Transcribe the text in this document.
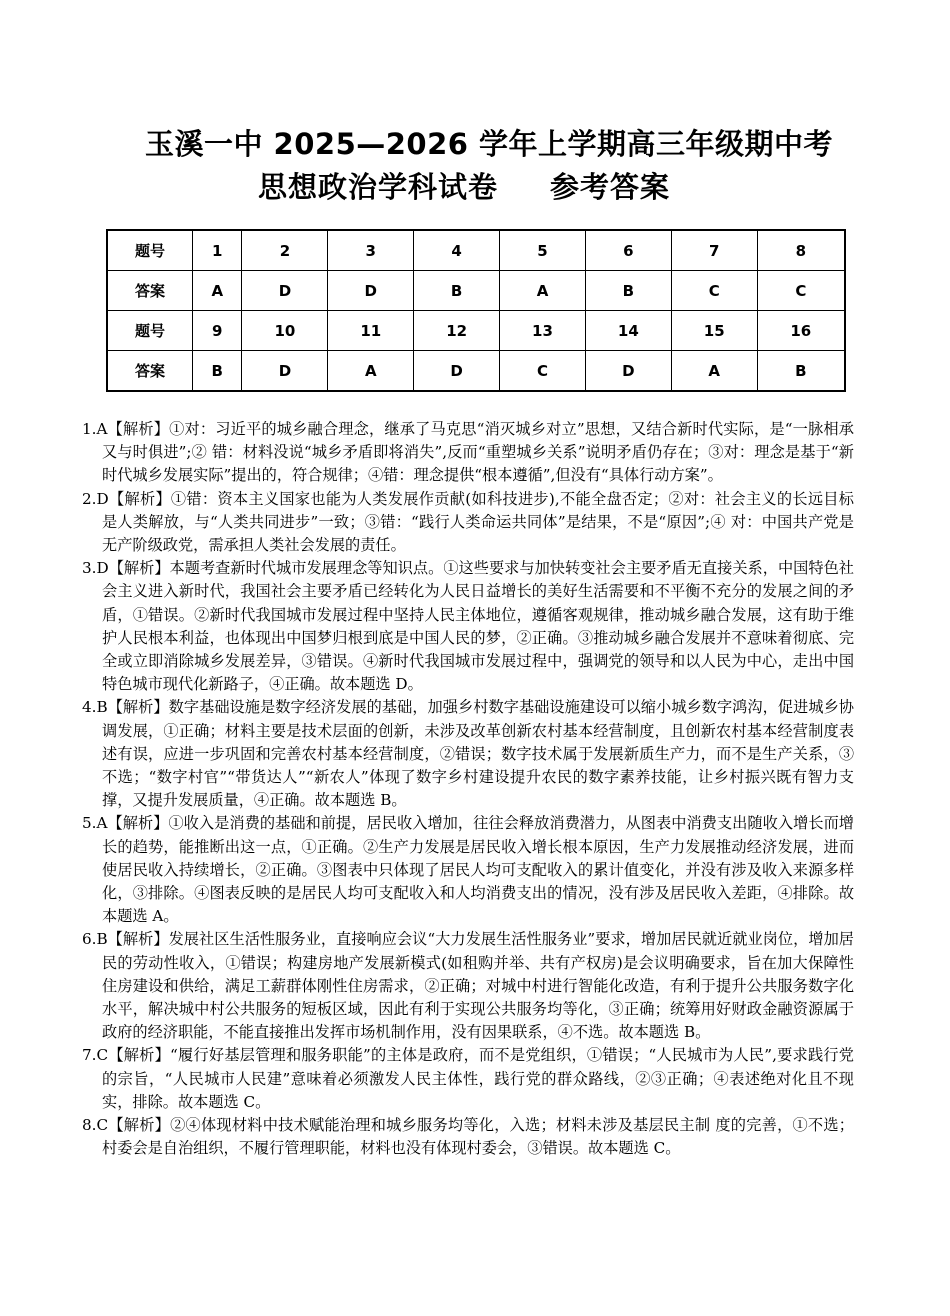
玉溪一中 2025—2026 学年上学期高三年级期中考
思想政治学科试卷 参考答案
题号	1	2	3	4	5	6	7	8
答案	A	D	D	B	A	B	C	C
题号	9	10	11	12	13	14	15	16
答案	B	D	A	D	C	D	A	B

1.A【解析】①对：习近平的城乡融合理念，继承了马克思“消灭城乡对立”思想，又结合新时代实际，是“一脉相承又与时俱进”;② 错：材料没说“城乡矛盾即将消失”,反而“重塑城乡关系”说明矛盾仍存在；③对：理念是基于“新时代城乡发展实际”提出的，符合规律；④错：理念提供“根本遵循”,但没有“具体行动方案”。

2.D【解析】①错：资本主义国家也能为人类发展作贡献(如科技进步),不能全盘否定；②对：社会主义的长远目标是人类解放，与“人类共同进步”一致；③错：“践行人类命运共同体”是结果，不是“原因”;④ 对：中国共产党是无产阶级政党，需承担人类社会发展的责任。

3.D【解析】本题考查新时代城市发展理念等知识点。①这些要求与加快转变社会主要矛盾无直接关系，中国特色社会主义进入新时代，我国社会主要矛盾已经转化为人民日益增长的美好生活需要和不平衡不充分的发展之间的矛盾，①错误。②新时代我国城市发展过程中坚持人民主体地位，遵循客观规律，推动城乡融合发展，这有助于维护人民根本利益，也体现出中国梦归根到底是中国人民的梦，②正确。③推动城乡融合发展并不意味着彻底、完全或立即消除城乡发展差异，③错误。④新时代我国城市发展过程中，强调党的领导和以人民为中心，走出中国特色城市现代化新路子，④正确。故本题选 D。

4.B【解析】数字基础设施是数字经济发展的基础，加强乡村数字基础设施建设可以缩小城乡数字鸿沟，促进城乡协调发展，①正确；材料主要是技术层面的创新，未涉及改革创新农村基本经营制度，且创新农村基本经营制度表述有误，应进一步巩固和完善农村基本经营制度，②错误；数字技术属于发展新质生产力，而不是生产关系，③不选；“数字村官”“带货达人”“新农人”体现了数字乡村建设提升农民的数字素养技能，让乡村振兴既有智力支撑，又提升发展质量，④正确。故本题选 B。

5.A【解析】①收入是消费的基础和前提，居民收入增加，往往会释放消费潜力，从图表中消费支出随收入增长而增长的趋势，能推断出这一点，①正确。②生产力发展是居民收入增长根本原因，生产力发展推动经济发展，进而使居民收入持续增长，②正确。③图表中只体现了居民人均可支配收入的累计值变化，并没有涉及收入来源多样化，③排除。④图表反映的是居民人均可支配收入和人均消费支出的情况，没有涉及居民收入差距，④排除。故本题选 A。

6.B【解析】发展社区生活性服务业，直接响应会议“大力发展生活性服务业”要求，增加居民就近就业岗位，增加居民的劳动性收入，①错误；构建房地产发展新模式(如租购并举、共有产权房)是会议明确要求，旨在加大保障性住房建设和供给，满足工薪群体刚性住房需求，②正确；对城中村进行智能化改造，有利于提升公共服务数字化水平，解决城中村公共服务的短板区域，因此有利于实现公共服务均等化，③正确；统筹用好财政金融资源属于政府的经济职能，不能直接推出发挥市场机制作用，没有因果联系，④不选。故本题选 B。

7.C【解析】“履行好基层管理和服务职能”的主体是政府，而不是党组织，①错误；“人民城市为人民”,要求践行党的宗旨，“人民城市人民建”意味着必须激发人民主体性，践行党的群众路线，②③正确；④表述绝对化且不现实，排除。故本题选 C。

8.C【解析】②④体现材料中技术赋能治理和城乡服务均等化，入选；材料未涉及基层民主制 度的完善，①不选；村委会是自治组织，不履行管理职能，材料也没有体现村委会，③错误。故本题选 C。
